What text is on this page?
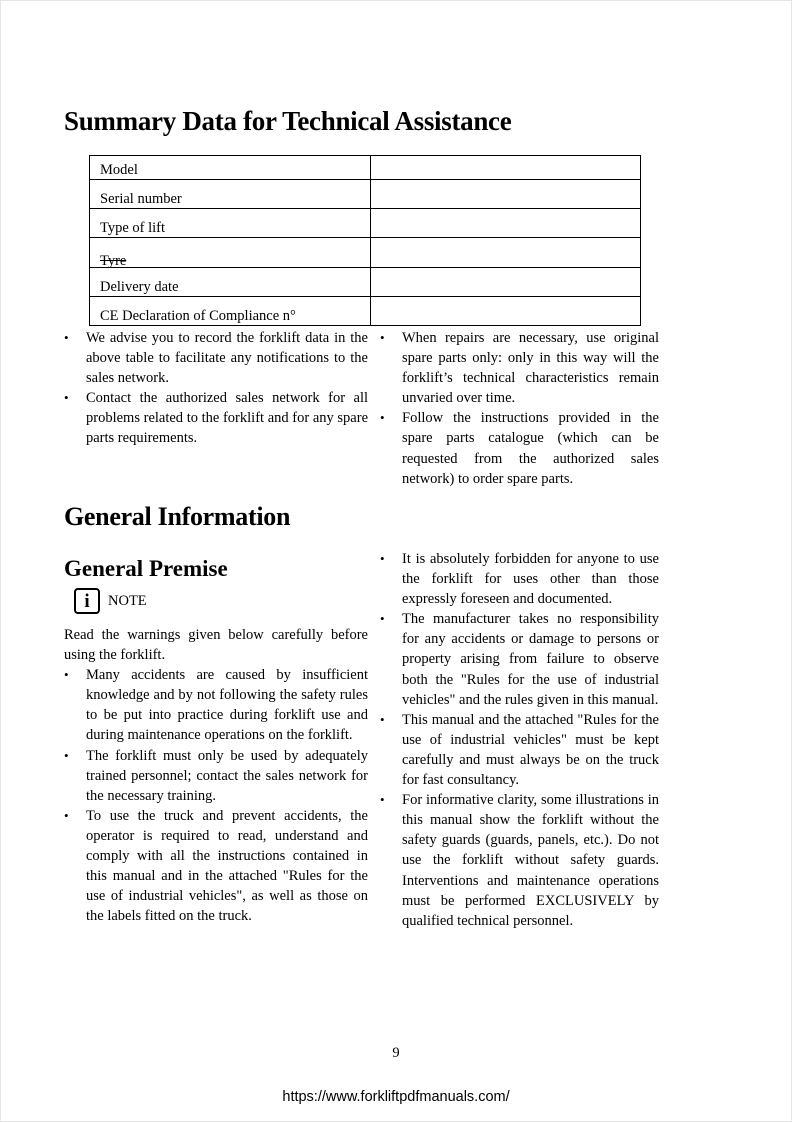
Summary Data for Technical Assistance
Model	
Serial number	
Type of lift	
Tyre	
Delivery date	
CE Declaration of Compliance n°	
• We advise you to record the forklift data in the above table to facilitate any notifications to the sales network.
• Contact the authorized sales network for all problems related to the forklift and for any spare parts requirements.
• When repairs are necessary, use original spare parts only: only in this way will the forklift’s technical characteristics remain unvaried over time.
• Follow the instructions provided in the spare parts catalogue (which can be requested from the authorized sales network) to order spare parts.
General Information
General Premise
i NOTE

Read the warnings given below carefully before using the forklift.

• Many accidents are caused by insufficient knowledge and by not following the safety rules to be put into practice during forklift use and during maintenance operations on the forklift.
• The forklift must only be used by adequately trained personnel; contact the sales network for the necessary training.
• To use the truck and prevent accidents, the operator is required to read, understand and comply with all the instructions contained in this manual and in the attached "Rules for the use of industrial vehicles", as well as those on the labels fitted on the truck.
• It is absolutely forbidden for anyone to use the forklift for uses other than those expressly foreseen and documented.
• The manufacturer takes no responsibility for any accidents or damage to persons or property arising from failure to observe both the "Rules for the use of industrial vehicles" and the rules given in this manual.
• This manual and the attached "Rules for the use of industrial vehicles" must be kept carefully and must always be on the truck for fast consultancy.
• For informative clarity, some illustrations in this manual show the forklift without the safety guards (guards, panels, etc.). Do not use the forklift without safety guards. Interventions and maintenance operations must be performed EXCLUSIVELY by qualified technical personnel.
9
https://www.forkliftpdfmanuals.com/
